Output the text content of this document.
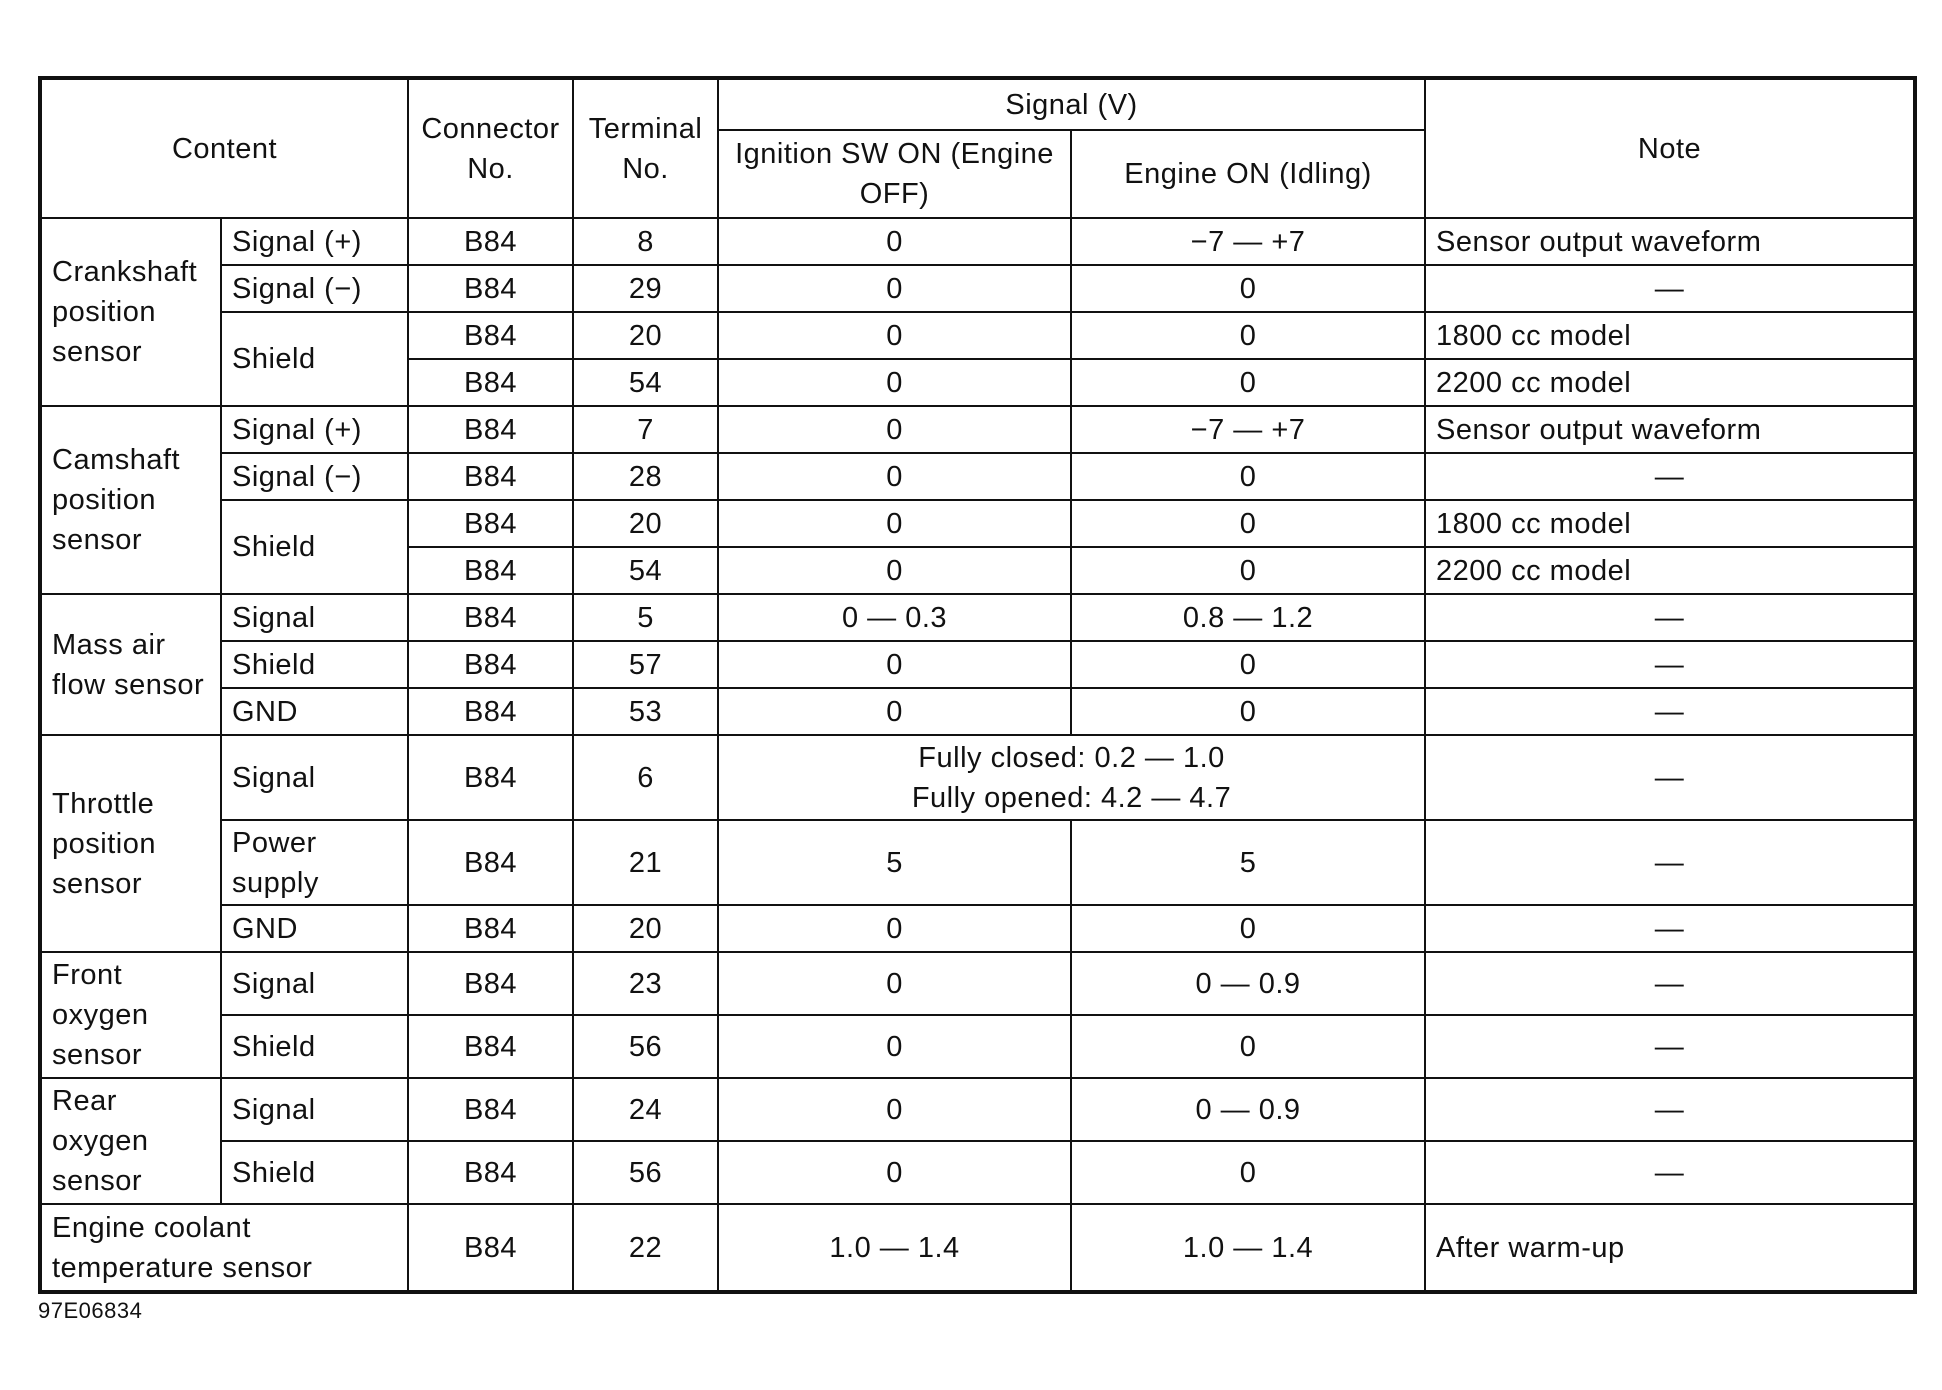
Content		Connector No.	Terminal No.	Signal (V)		Note
				Ignition SW ON (Engine OFF)	Engine ON (Idling)	
Crankshaft position sensor	Signal (+)	B84	8	0	−7 — +7	Sensor output waveform
	Signal (−)	B84	29	0	0	—
	Shield	B84	20	0	0	1800 cc model
		B84	54	0	0	2200 cc model
Camshaft position sensor	Signal (+)	B84	7	0	−7 — +7	Sensor output waveform
	Signal (−)	B84	28	0	0	—
	Shield	B84	20	0	0	1800 cc model
		B84	54	0	0	2200 cc model
Mass air flow sensor	Signal	B84	5	0 — 0.3	0.8 — 1.2	—
	Shield	B84	57	0	0	—
	GND	B84	53	0	0	—
Throttle position sensor	Signal	B84	6	Fully closed: 0.2 — 1.0
Fully opened: 4.2 — 4.7		—
	Power supply	B84	21	5	5	—
	GND	B84	20	0	0	—
Front oxygen sensor	Signal	B84	23	0	0 — 0.9	—
	Shield	B84	56	0	0	—
Rear oxygen sensor	Signal	B84	24	0	0 — 0.9	—
	Shield	B84	56	0	0	—
Engine coolant temperature sensor		B84	22	1.0 — 1.4	1.0 — 1.4	After warm-up
97E06834
